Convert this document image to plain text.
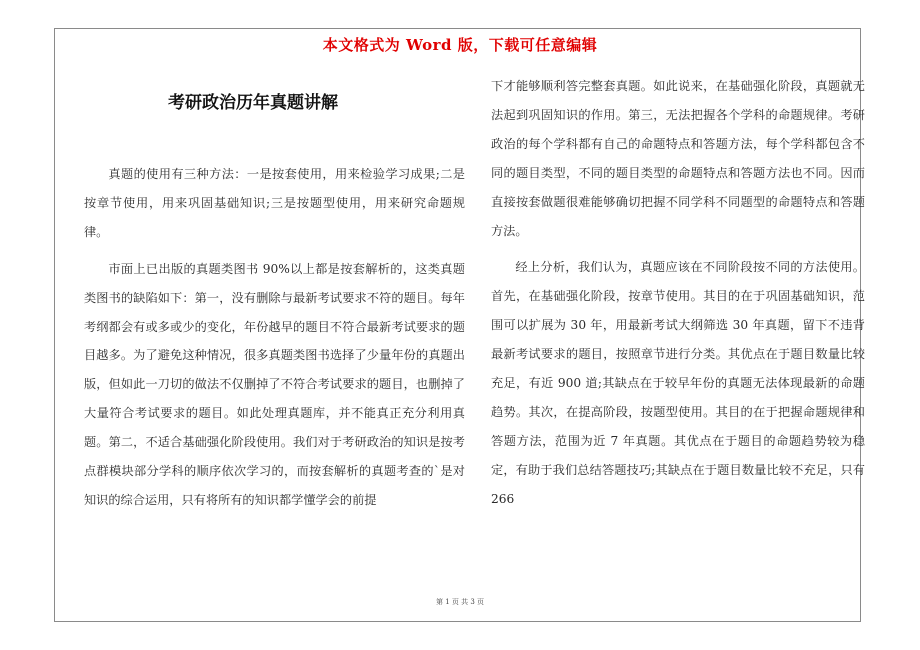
本文格式为 Word 版，下载可任意编辑
考研政治历年真题讲解

真题的使用有三种方法：一是按套使用，用来检验学习成果;二是按章节使用，用来巩固基础知识;三是按题型使用，用来研究命题规律。

市面上已出版的真题类图书 90%以上都是按套解析的，这类真题类图书的缺陷如下：第一，没有删除与最新考试要求不符的题目。每年考纲都会有或多或少的变化，年份越早的题目不符合最新考试要求的题目越多。为了避免这种情况，很多真题类图书选择了少量年份的真题出版，但如此一刀切的做法不仅删掉了不符合考试要求的题目，也删掉了大量符合考试要求的题目。如此处理真题库，并不能真正充分利用真题。第二，不适合基础强化阶段使用。我们对于考研政治的知识是按考点群模块部分学科的顺序依次学习的，而按套解析的真题考查的`是对知识的综合运用，只有将所有的知识都学懂学会的前提

下才能够顺利答完整套真题。如此说来，在基础强化阶段，真题就无法起到巩固知识的作用。第三，无法把握各个学科的命题规律。考研政治的每个学科都有自己的命题特点和答题方法，每个学科都包含不同的题目类型，不同的题目类型的命题特点和答题方法也不同。因而直接按套做题很难能够确切把握不同学科不同题型的命题特点和答题方法。

经上分析，我们认为，真题应该在不同阶段按不同的方法使用。首先，在基础强化阶段，按章节使用。其目的在于巩固基础知识，范围可以扩展为 30 年，用最新考试大纲筛选 30 年真题，留下不违背最新考试要求的题目，按照章节进行分类。其优点在于题目数量比较充足，有近 900 道;其缺点在于较早年份的真题无法体现最新的命题趋势。其次，在提高阶段，按题型使用。其目的在于把握命题规律和答题方法，范围为近 7 年真题。其优点在于题目的命题趋势较为稳定，有助于我们总结答题技巧;其缺点在于题目数量比较不充足，只有 266

第 1 页 共 3 页
